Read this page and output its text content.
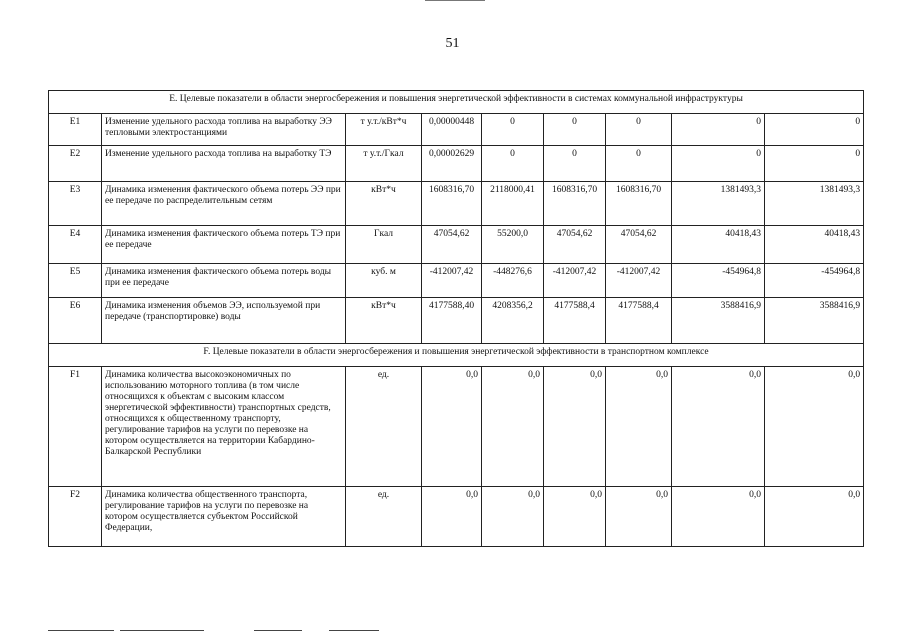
51
Е. Целевые показатели в области энергосбережения и повышения энергетической эффективности в системах коммунальной инфраструктуры								
Е1	Изменение удельного расхода топлива на выработку ЭЭ тепловыми электростанциями	т у.т./кВт*ч	0,00000448	0	0	0	0	0
Е2	Изменение удельного расхода топлива на выработку ТЭ	т у.т./Гкал	0,00002629	0	0	0	0	0
Е3	Динамика изменения фактического объема потерь ЭЭ при ее передаче по распределительным сетям	кВт*ч	1608316,70	2118000,41	1608316,70	1608316,70	1381493,3	1381493,3
Е4	Динамика изменения фактического объема потерь ТЭ при ее передаче	Гкал	47054,62	55200,0	47054,62	47054,62	40418,43	40418,43
Е5	Динамика изменения фактического объема потерь воды при ее передаче	куб. м	-412007,42	-448276,6	-412007,42	-412007,42	-454964,8	-454964,8
Е6	Динамика изменения объемов ЭЭ, используемой при передаче (транспортировке) воды	кВт*ч	4177588,40	4208356,2	4177588,4	4177588,4	3588416,9	3588416,9
F. Целевые показатели в области энергосбережения и повышения энергетической эффективности в транспортном комплексе								
F1	Динамика количества высокоэкономичных по использованию моторного топлива (в том числе относящихся к объектам с высоким классом энергетической эффективности) транспортных средств, относящихся к общественному транспорту, регулирование тарифов на услуги по перевозке на котором осуществляется на территории Кабардино-Балкарской Республики	ед.	0,0	0,0	0,0	0,0	0,0	0,0
F2	Динамика количества общественного транспорта, регулирование тарифов на услуги по перевозке на котором осуществляется субъектом Российской Федерации,	ед.	0,0	0,0	0,0	0,0	0,0	0,0
